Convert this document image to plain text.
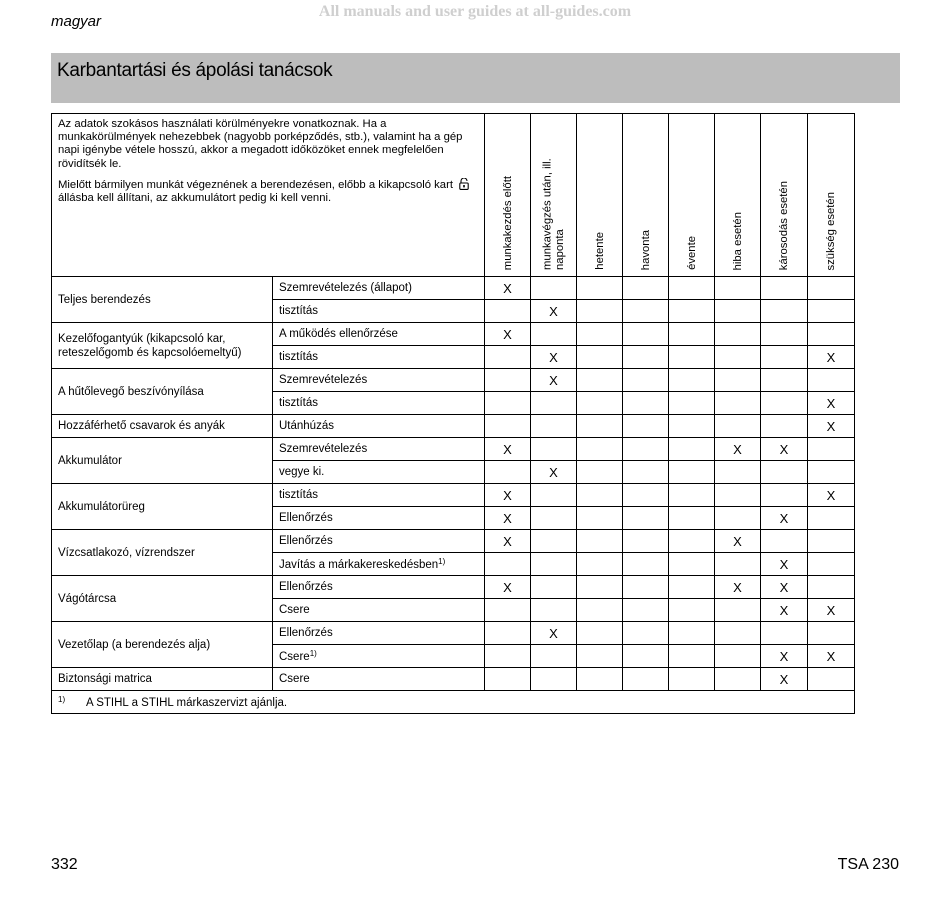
All manuals and user guides at all-guides.com
magyar
Karbantartási és ápolási tanácsok

Az adatok szokásos használati körülményekre vonatkoznak. Ha a munkakörülmények nehezebbek (nagyobb porképződés, stb.), valamint ha a gép napi igénybe vétele hosszú, akkor a megadott időközöket ennek megfelelően rövidítsék le.

Mielőtt bármilyen munkát végeznének a berendezésen, előbb a kikapcsoló kart  állásba kell állítani, az akkumulátort pedig ki kell venni.		munkakezdés előtt	munkavégzés után, ill. naponta	hetente	havonta	évente	hiba esetén	károsodás esetén	szükség esetén

Teljes berendezés	Szemrevételezés (állapot)	X							
	tisztítás		X						
Kezelőfogantyúk (kikapcsoló kar, reteszelőgomb és kapcsolóemeltyű)	A működés ellenőrzése	X							
	tisztítás		X						X
A hűtőlevegő beszívónyílása	Szemrevételezés		X						
	tisztítás								X
Hozzáférhető csavarok és anyák	Utánhúzás								X
Akkumulátor	Szemrevételezés	X					X	X	
	vegye ki.		X						
Akkumulátorüreg	tisztítás	X							X
	Ellenőrzés	X						X	
Vízcsatlakozó, vízrendszer	Ellenőrzés	X					X		
	Javítás a márkakereskedésben$^{1)}$							X	
Vágótárcsa	Ellenőrzés	X					X	X	
	Csere							X	X
Vezetőlap (a berendezés alja)	Ellenőrzés		X						
	Csere$^{1)}$							X	X
Biztonsági matrica	Csere							X	
$^{1)}$ A STIHL a STIHL márkaszervizt ajánlja.									
332	TSA 230
